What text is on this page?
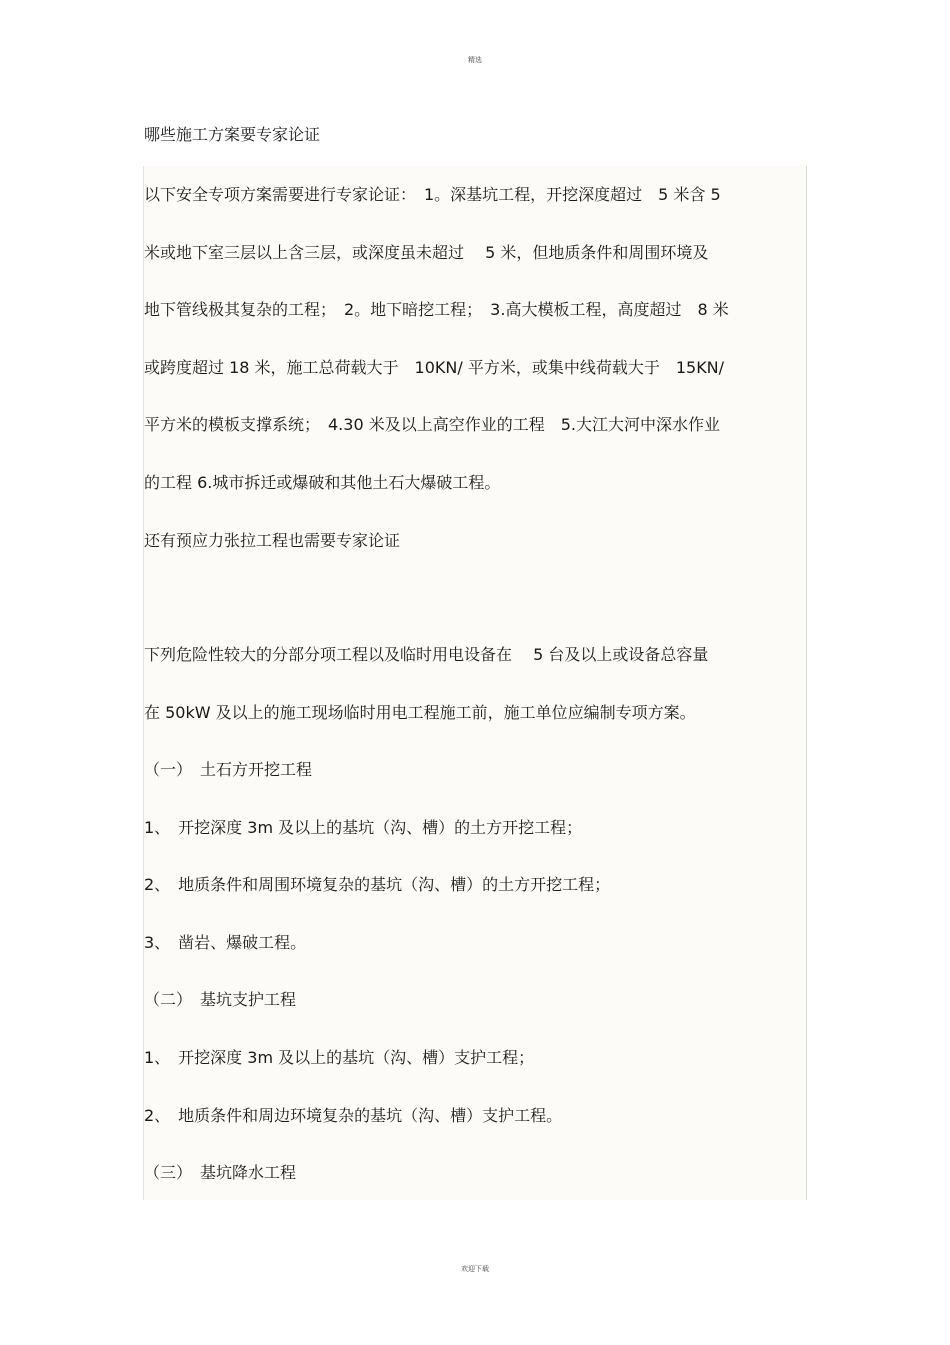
精选
哪些施工方案要专家论证
以下安全专项方案需要进行专家论证：　1。深基坑工程，开挖深度超过　5 米含 5
米或地下室三层以上含三层，或深度虽未超过　 5 米，但地质条件和周围环境及
地下管线极其复杂的工程；　2。地下暗挖工程；　3.高大模板工程，高度超过　8 米
或跨度超过 18 米，施工总荷载大于　10KN/ 平方米，或集中线荷载大于　15KN/
平方米的模板支撑系统；　4.30 米及以上高空作业的工程　5.大江大河中深水作业
的工程 6.城市拆迁或爆破和其他土石大爆破工程。
还有预应力张拉工程也需要专家论证
下列危险性较大的分部分项工程以及临时用电设备在　 5 台及以上或设备总容量
在 50kW 及以上的施工现场临时用电工程施工前，施工单位应编制专项方案。
（一）　土石方开挖工程
1、　开挖深度 3m 及以上的基坑（沟、槽）的土方开挖工程；
2、　地质条件和周围环境复杂的基坑（沟、槽）的土方开挖工程；
3、　凿岩、爆破工程。
（二）　基坑支护工程
1、　开挖深度 3m 及以上的基坑（沟、槽）支护工程；
2、　地质条件和周边环境复杂的基坑（沟、槽）支护工程。
（三）　基坑降水工程
欢迎下载
